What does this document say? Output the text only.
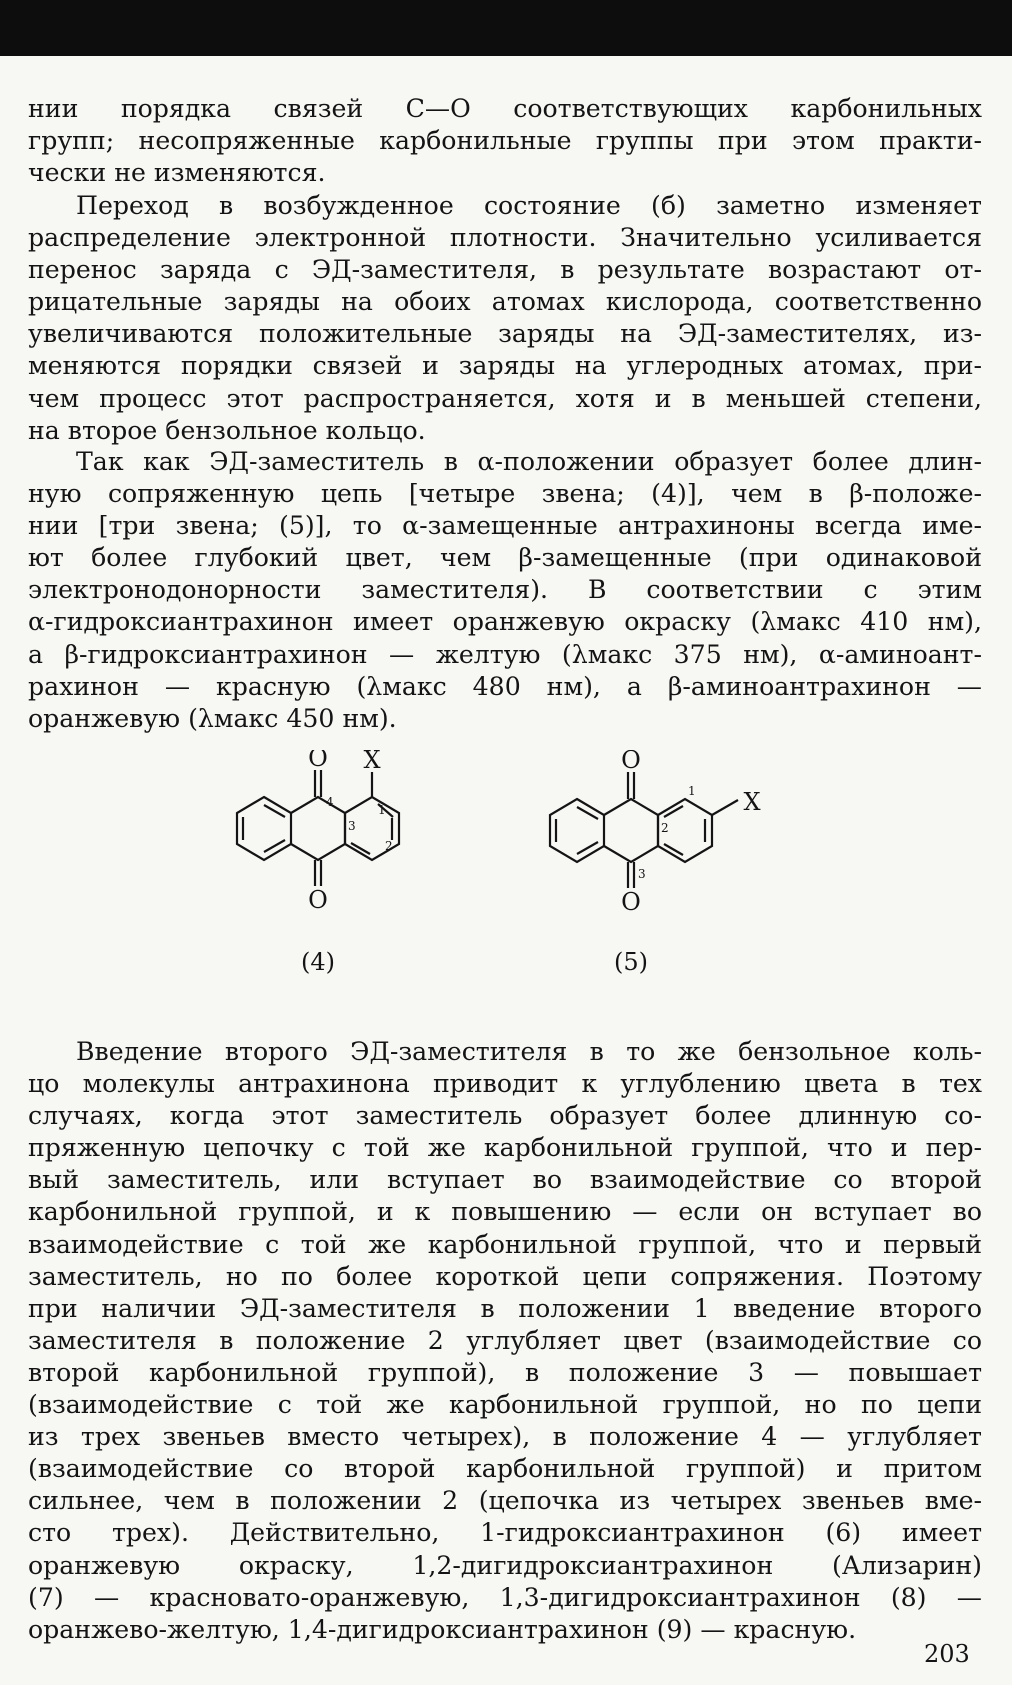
нии порядка связей С—О соответствующих карбонильных
групп; несопряженные карбонильные группы при этом практи-
чески не изменяются.
Переход в возбужденное состояние (б) заметно изменяет
распределение электронной плотности. Значительно усиливается
перенос заряда с ЭД-заместителя, в результате возрастают от-
рицательные заряды на обоих атомах кислорода, соответственно
увеличиваются положительные заряды на ЭД-заместителях, из-
меняются порядки связей и заряды на углеродных атомах, при-
чем процесс этот распространяется, хотя и в меньшей степени,
на второе бензольное кольцо.
Так как ЭД-заместитель в α-положении образует более длин-
ную сопряженную цепь [четыре звена; (4)], чем в β-положе-
нии [три звена; (5)], то α-замещенные антрахиноны всегда име-
ют более глубокий цвет, чем β-замещенные (при одинаковой
электронодонорности заместителя). В соответствии с этим
α-гидроксиантрахинон имеет оранжевую окраску (λмакс 410 нм),
а β-гидроксиантрахинон — желтую (λмакс 375 нм), α-аминоант-
рахинон — красную (λмакс 480 нм), а β-аминоантрахинон —
оранжевую (λмакс 450 нм).
O
O
X
4
1
3
2
(4)
O
O
X
1
2
3
(5)
Введение второго ЭД-заместителя в то же бензольное коль-
цо молекулы антрахинона приводит к углублению цвета в тех
случаях, когда этот заместитель образует более длинную со-
пряженную цепочку с той же карбонильной группой, что и пер-
вый заместитель, или вступает во взаимодействие со второй
карбонильной группой, и к повышению — если он вступает во
взаимодействие с той же карбонильной группой, что и первый
заместитель, но по более короткой цепи сопряжения. Поэтому
при наличии ЭД-заместителя в положении 1 введение второго
заместителя в положение 2 углубляет цвет (взаимодействие со
второй карбонильной группой), в положение 3 — повышает
(взаимодействие с той же карбонильной группой, но по цепи
из трех звеньев вместо четырех), в положение 4 — углубляет
(взаимодействие со второй карбонильной группой) и притом
сильнее, чем в положении 2 (цепочка из четырех звеньев вме-
сто трех). Действительно, 1-гидроксиантрахинон (6) имеет
оранжевую окраску, 1,2-дигидроксиантрахинон (Ализарин)
(7) — красновато-оранжевую, 1,3-дигидроксиантрахинон (8) —
оранжево-желтую, 1,4-дигидроксиантрахинон (9) — красную.
203
